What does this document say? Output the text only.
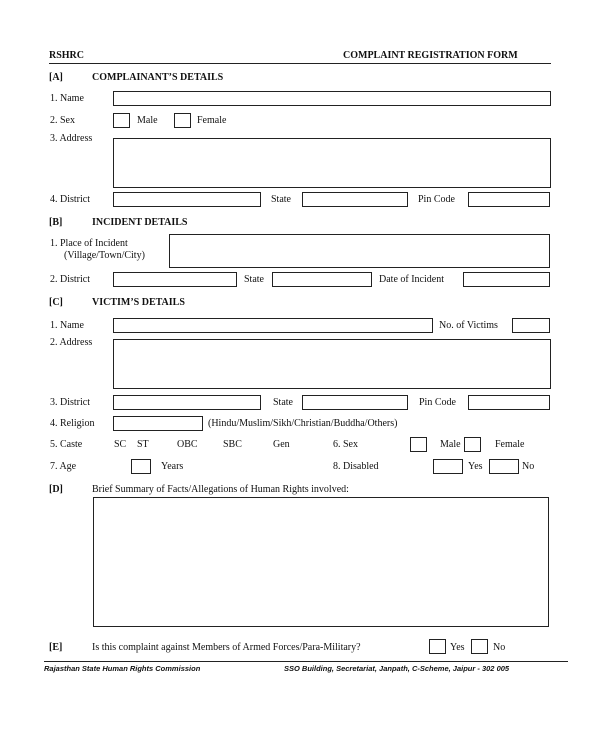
RSHRC	COMPLAINT REGISTRATION FORM
[A]	COMPLAINANT’S DETAILS
1. Name
2. Sex	Male	Female
3. Address
4. District	State	Pin Code
[B]	INCIDENT DETAILS
1. Place of Incident
(Village/Town/City)
2. District	State	Date of Incident
[C]	VICTIM’S DETAILS
1. Name	No. of Victims
2. Address
3. District	State	Pin Code
4. Religion	(Hindu/Muslim/Sikh/Christian/Buddha/Others)
5. Caste	SC ST	OBC	SBC	Gen	6. Sex	Male	Female
7. Age	Years	8. Disabled	Yes	No
[D]	Brief Summary of Facts/Allegations of Human Rights involved:
[E]	Is this complaint against Members of Armed Forces/Para-Military?	Yes	No
Rajasthan State Human Rights Commission	SSO Building, Secretariat, Janpath, C-Scheme, Jaipur - 302 005
